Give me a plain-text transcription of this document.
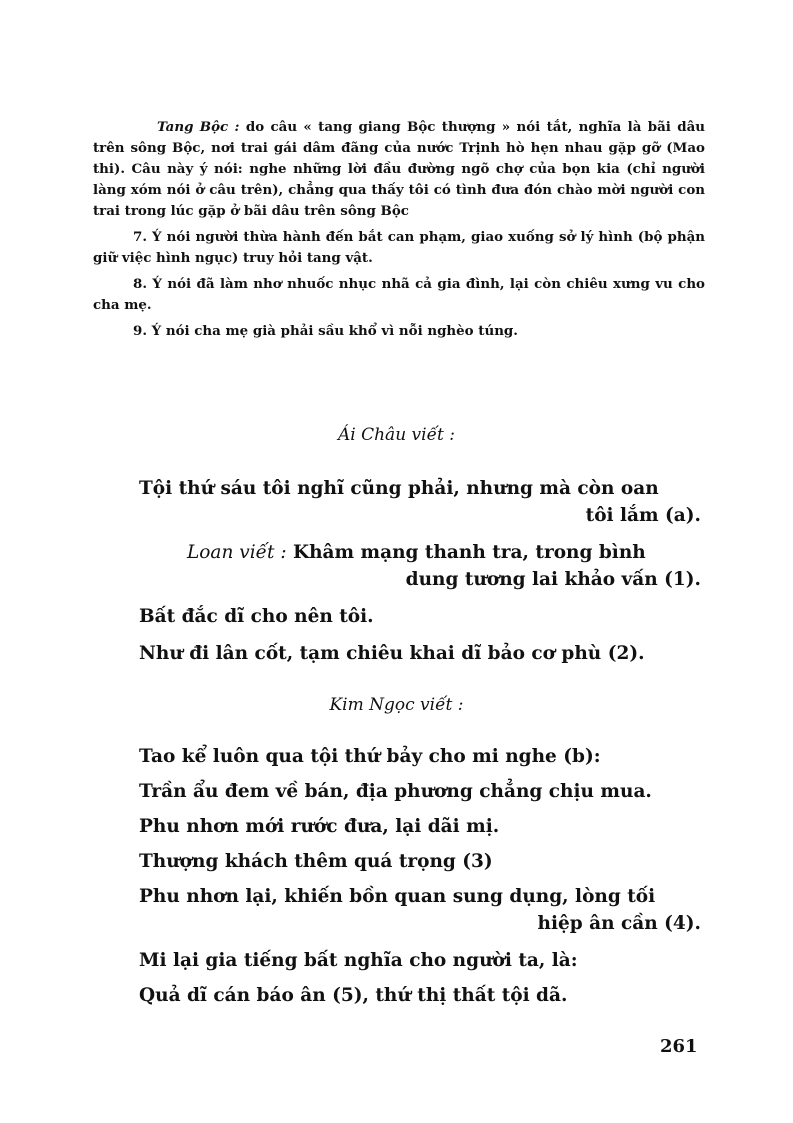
Tang Bộc : do câu « tang giang Bộc thượng » nói tắt, nghĩa là bãi dâu trên sông Bộc, nơi trai gái dâm đãng của nước Trịnh hò hẹn nhau gặp gỡ (Mao thi). Câu này ý nói: nghe những lời đầu đường ngõ chợ của bọn kia (chỉ người làng xóm nói ở câu trên), chẳng qua thấy tôi có tình đưa đón chào mời người con trai trong lúc gặp ở bãi dâu trên sông Bộc

7. Ý nói người thừa hành đến bắt can phạm, giao xuống sở lý hình (bộ phận giữ việc hình ngục) truy hỏi tang vật.

8. Ý nói đã làm nhơ nhuốc nhục nhã cả gia đình, lại còn chiêu xưng vu cho cha mẹ.

9. Ý nói cha mẹ già phải sầu khổ vì nỗi nghèo túng.

Ái Châu viết :

Tội thứ sáu tôi nghĩ cũng phải, nhưng mà còn oan

tôi lắm (a).

Loan viết : Khâm mạng thanh tra, trong bình

dung tương lai khảo vấn (1).

Bất đắc dĩ cho nên tôi.

Như đi lân cốt, tạm chiêu khai dĩ bảo cơ phù (2).

Kim Ngọc viết :

Tao kể luôn qua tội thứ bảy cho mi nghe (b):

Trần ẩu đem về bán, địa phương chẳng chịu mua.

Phu nhơn mới rước đưa, lại dãi mị.

Thượng khách thêm quá trọng (3)

Phu nhơn lại, khiến bồn quan sung dụng, lòng tối

hiệp ân cần (4).

Mi lại gia tiếng bất nghĩa cho người ta, là:

Quả dĩ cán báo ân (5), thứ thị thất tội dã.

261
